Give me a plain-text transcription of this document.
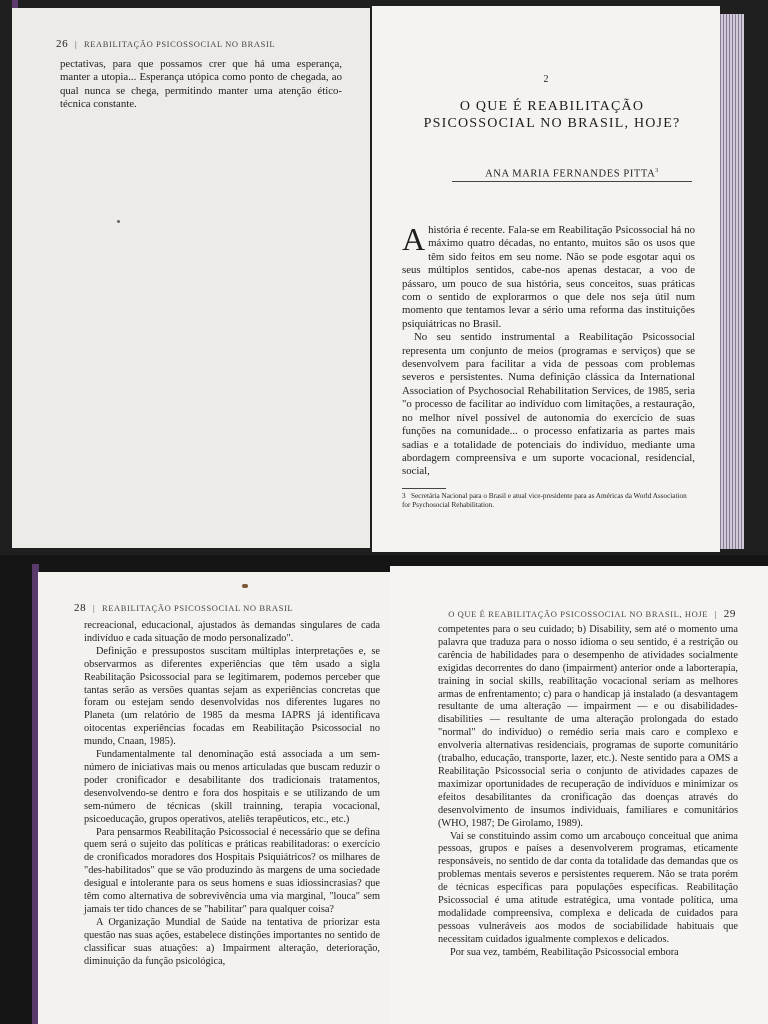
26 | REABILITAÇÃO PSICOSSOCIAL NO BRASIL

pectativas, para que possamos crer que há uma esperança, manter a utopia... Esperança utópica como ponto de chegada, ao qual nunca se chega, permitindo manter uma atenção ético-técnica constante.

2
O QUE É REABILITAÇÃO PSICOSSOCIAL NO BRASIL, HOJE?
ANA MARIA FERNANDES PITTA$^3$

Ahistória é recente. Fala-se em Reabilitação Psicossocial há no máximo quatro décadas, no entanto, muitos são os usos que têm sido feitos em seu nome. Não se pode esgotar aqui os seus múltiplos sentidos, cabe-nos apenas destacar, a voo de pássaro, um pouco de sua história, seus conceitos, suas práticas com o sentido de explorarmos o que dele nos seja útil num momento que tentamos levar a sério uma reforma das instituições psiquiátricas no Brasil.

No seu sentido instrumental a Reabilitação Psicossocial representa um conjunto de meios (programas e serviços) que se desenvolvem para facilitar a vida de pessoas com problemas severos e persistentes. Numa definição clássica da International Association of Psychosocial Rehabilitation Services, de 1985, seria "o processo de facilitar ao indivíduo com limitações, a restauração, no melhor nível possível de autonomia do exercício de suas funções na comunidade... o processo enfatizaria as partes mais sadias e a totalidade de potenciais do indivíduo, mediante uma abordagem compreensiva e um suporte vocacional, residencial, social,

3 Secretária Nacional para o Brasil e atual vice-presidente para as Américas da World Association for Psychosocial Rehabilitation.
28 | REABILITAÇÃO PSICOSSOCIAL NO BRASIL

recreacional, educacional, ajustados às demandas singulares de cada indivíduo e cada situação de modo personalizado".

Definição e pressupostos suscitam múltiplas interpretações e, se observarmos as diferentes experiências que têm usado a sigla Reabilitação Psicossocial para se legitimarem, podemos perceber que tantas serão as versões quantas sejam as experiências concretas que foram ou estejam sendo desenvolvidas nos diferentes lugares no Planeta (um relatório de 1985 da mesma IAPRS já identificava oitocentas experiências focadas em Reabilitação Psicossocial no mundo, Cnaan, 1985).

Fundamentalmente tal denominação está associada a um sem-número de iniciativas mais ou menos articuladas que buscam reduzir o poder cronificador e desabilitante dos tradicionais tratamentos, desenvolvendo-se dentro e fora dos hospitais e se utilizando de um sem-número de técnicas (skill trainning, terapia vocacional, psicoeducação, grupos operativos, ateliês terapêuticos, etc., etc.)

Para pensarmos Reabilitação Psicossocial é necessário que se defina quem será o sujeito das políticas e práticas reabilitadoras: o exercício de cronificados moradores dos Hospitais Psiquiátricos? os milhares de "des-habilitados" que se vão produzindo às margens de uma sociedade desigual e intolerante para os seus homens e suas idiossincrasias? que têm como alternativa de sobrevivência uma via marginal, "louca" sem jamais ter tido chances de se "habilitar" para qualquer coisa?

A Organização Mundial de Saúde na tentativa de priorizar esta questão nas suas ações, estabelece distinções importantes no sentido de classificar suas atuações: a) Impairment alteração, deterioração, diminuição da função psicológica,

O QUE É REABILITAÇÃO PSICOSSOCIAL NO BRASIL, HOJE | 29

competentes para o seu cuidado; b) Disability, sem até o momento uma palavra que traduza para o nosso idioma o seu sentido, é a restrição ou carência de habilidades para o desempenho de atividades socialmente exigidas decorrentes do dano (impairment) anterior onde a laborterapia, training in social skills, reabilitação vocacional seriam as melhores armas de enfrentamento; c) para o handicap já instalado (a desvantagem resultante de uma alteração — impairment — e ou disabilidades-disabilities — resultante de uma alteração prolongada do estado "normal" do indivíduo) o remédio seria mais caro e complexo e envolveria alternativas residenciais, programas de suporte comunitário (trabalho, educação, transporte, lazer, etc.). Neste sentido para a OMS a Reabilitação Psicossocial seria o conjunto de atividades capazes de maximizar oportunidades de recuperação de indivíduos e minimizar os efeitos desabilitantes da cronificação das doenças através do desenvolvimento de insumos individuais, familiares e comunitários (WHO, 1987; De Girolamo, 1989).

Vai se constituindo assim como um arcabouço conceitual que anima pessoas, grupos e países a desenvolverem programas, eticamente responsáveis, no sentido de dar conta da totalidade das demandas que os problemas mentais severos e persistentes requerem. Não se trata porém de técnicas específicas para populações específicas. Reabilitação Psicossocial é uma atitude estratégica, uma vontade política, uma modalidade compreensiva, complexa e delicada de cuidados para pessoas vulneráveis aos modos de sociabilidade habituais que necessitam cuidados igualmente complexos e delicados.

Por sua vez, também, Reabilitação Psicossocial embora
